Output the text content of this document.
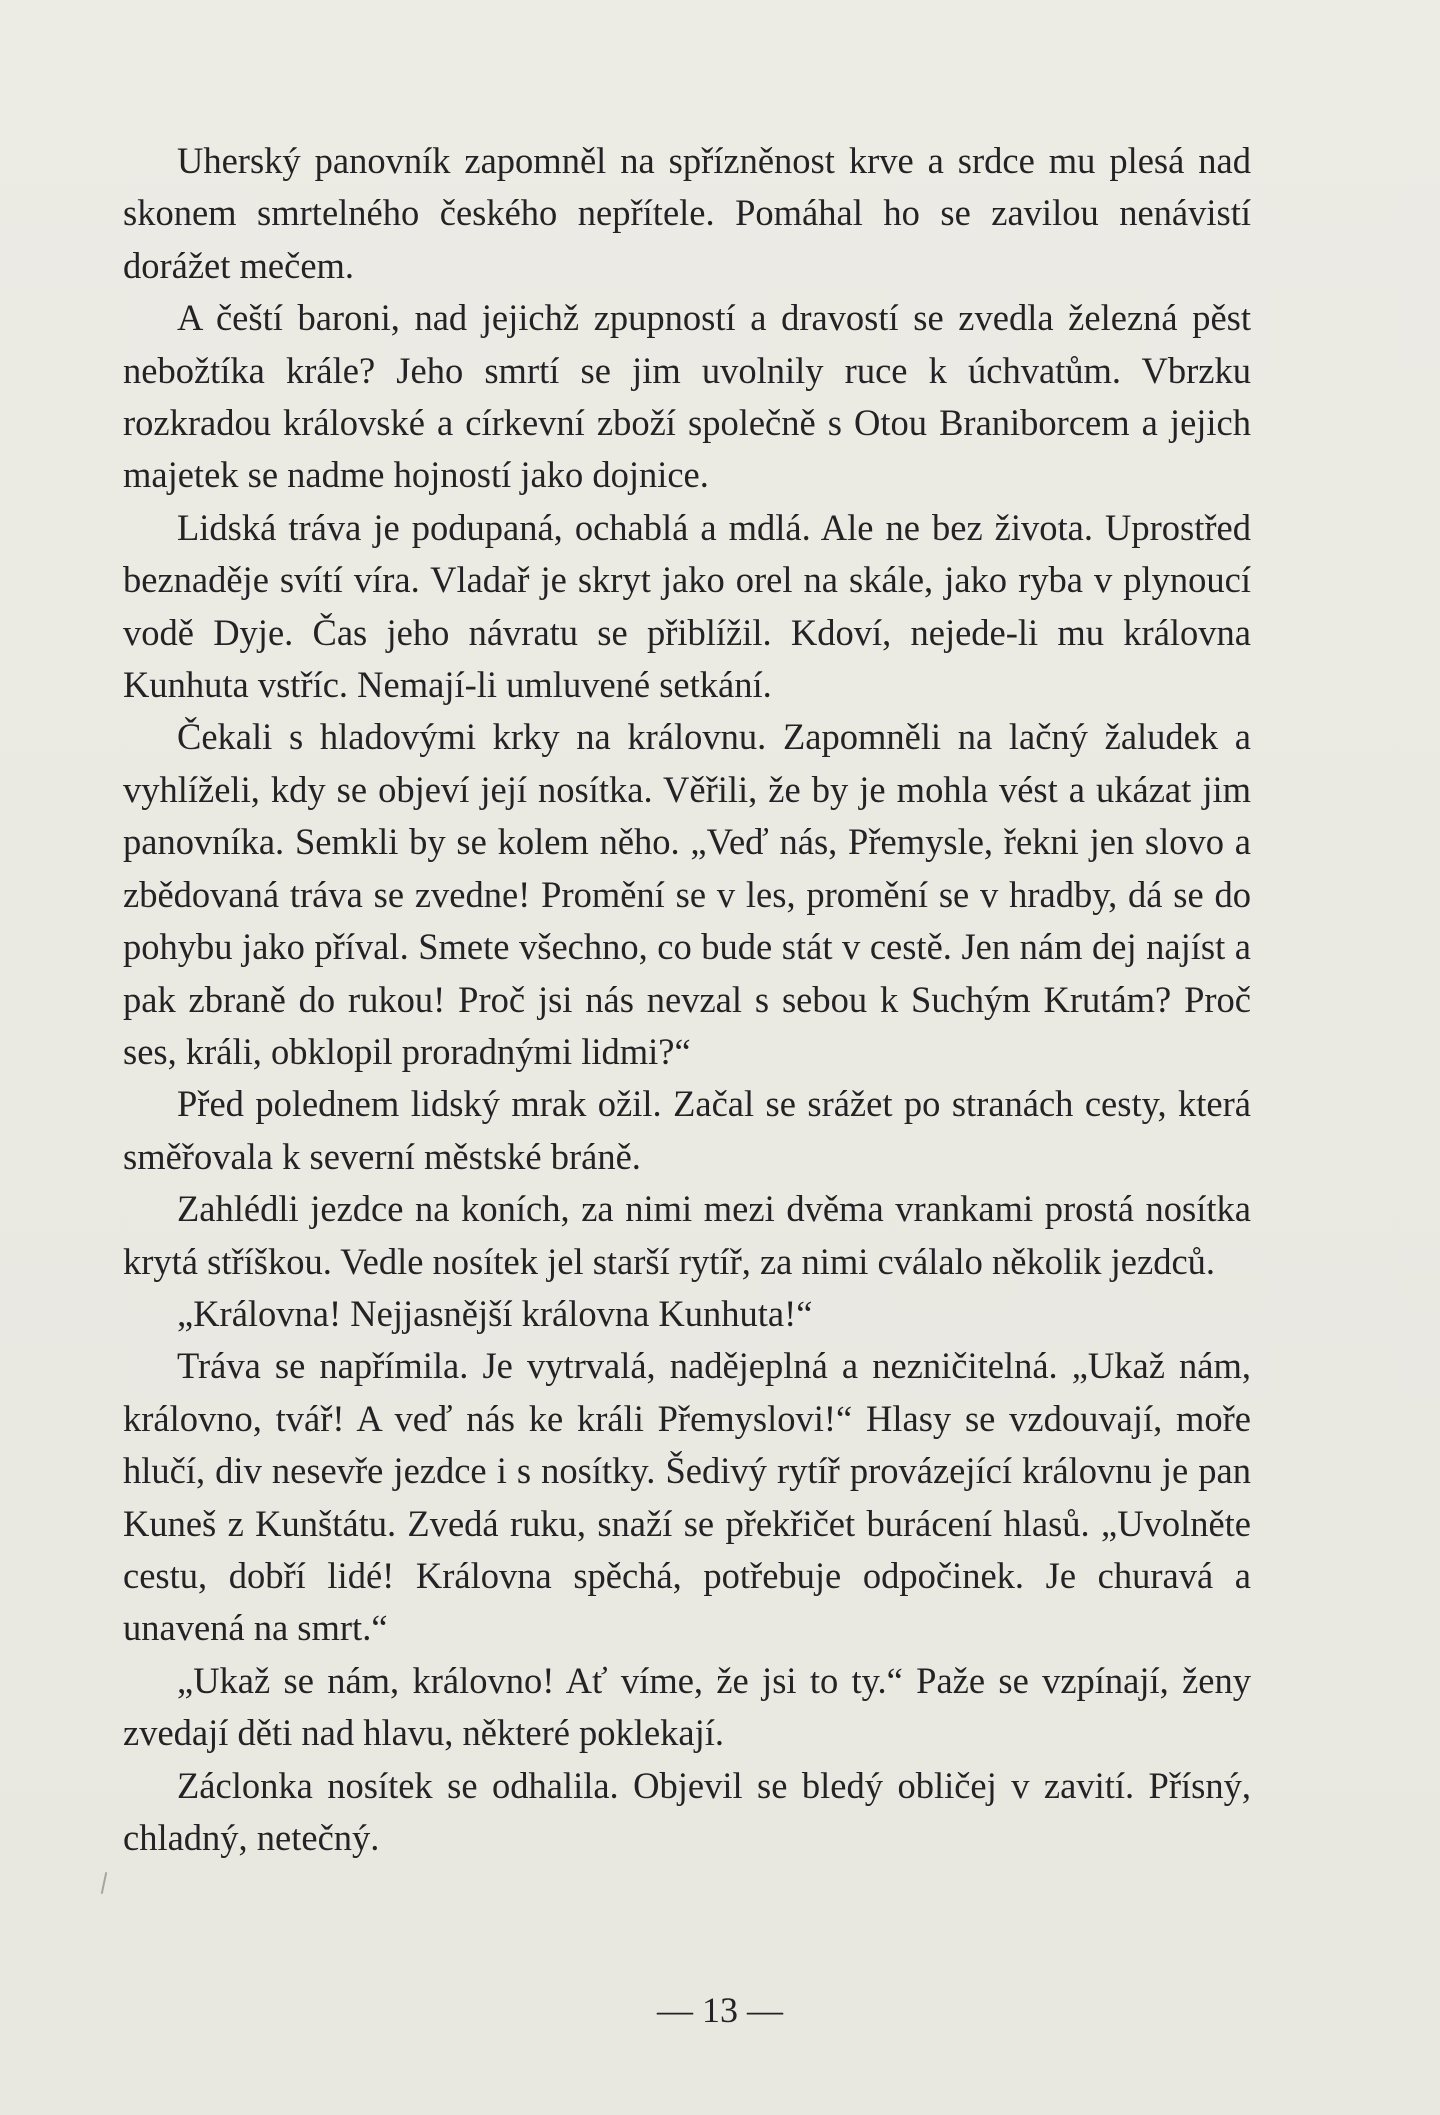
Uherský panovník zapomněl na spřízněnost krve a srdce mu plesá nad skonem smrtelného českého nepřítele. Pomáhal ho se zavilou nenávistí dorážet mečem.

A čeští baroni, nad jejichž zpupností a dravostí se zvedla železná pěst nebožtíka krále? Jeho smrtí se jim uvolnily ruce k úchvatům. Vbrzku rozkradou královské a církevní zboží společně s Otou Braniborcem a jejich majetek se nadme hojností jako dojnice.

Lidská tráva je podupaná, ochablá a mdlá. Ale ne bez života. Uprostřed beznaděje svítí víra. Vladař je skryt jako orel na skále, jako ryba v plynoucí vodě Dyje. Čas jeho návratu se přiblížil. Kdoví, nejede-li mu královna Kunhuta vstříc. Nemají-li umluvené setkání.

Čekali s hladovými krky na královnu. Zapomněli na lačný žaludek a vyhlíželi, kdy se objeví její nosítka. Věřili, že by je mohla vést a ukázat jim panovníka. Semkli by se kolem něho. „Veď nás, Přemysle, řekni jen slovo a zbědovaná tráva se zvedne! Promění se v les, promění se v hradby, dá se do pohybu jako příval. Smete všechno, co bude stát v cestě. Jen nám dej najíst a pak zbraně do rukou! Proč jsi nás nevzal s sebou k Suchým Krutám? Proč ses, králi, obklopil proradnými lidmi?“

Před polednem lidský mrak ožil. Začal se srážet po stranách cesty, která směřovala k severní městské bráně.

Zahlédli jezdce na koních, za nimi mezi dvěma vrankami prostá nosítka krytá stříškou. Vedle nosítek jel starší rytíř, za nimi cválalo několik jezdců.

„Královna! Nejjasnější královna Kunhuta!“

Tráva se napřímila. Je vytrvalá, nadějeplná a nezničitelná. „Ukaž nám, královno, tvář! A veď nás ke králi Přemyslovi!“ Hlasy se vzdouvají, moře hlučí, div nesevře jezdce i s nosítky. Šedivý rytíř provázející královnu je pan Kuneš z Kunštátu. Zvedá ruku, snaží se překřičet burácení hlasů. „Uvolněte cestu, dobří lidé! Královna spěchá, potřebuje odpočinek. Je churavá a unavená na smrt.“

„Ukaž se nám, královno! Ať víme, že jsi to ty.“ Paže se vzpínají, ženy zvedají děti nad hlavu, některé poklekají.

Záclonka nosítek se odhalila. Objevil se bledý obličej v zavití. Přísný, chladný, netečný.

— 13 —
